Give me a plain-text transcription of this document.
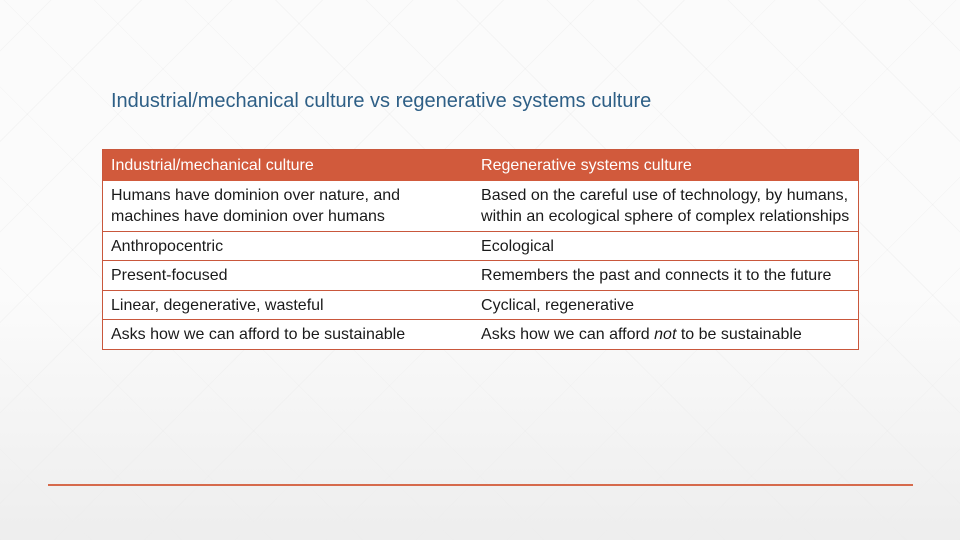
Industrial/mechanical culture vs regenerative systems culture
Industrial/mechanical culture	Regenerative systems culture
Humans have dominion over nature, and machines have dominion over humans	Based on the careful use of technology, by humans, within an ecological sphere of complex relationships
Anthropocentric	Ecological
Present-focused	Remembers the past and connects it to the future
Linear, degenerative, wasteful	Cyclical, regenerative
Asks how we can afford to be sustainable	Asks how we can afford not to be sustainable
